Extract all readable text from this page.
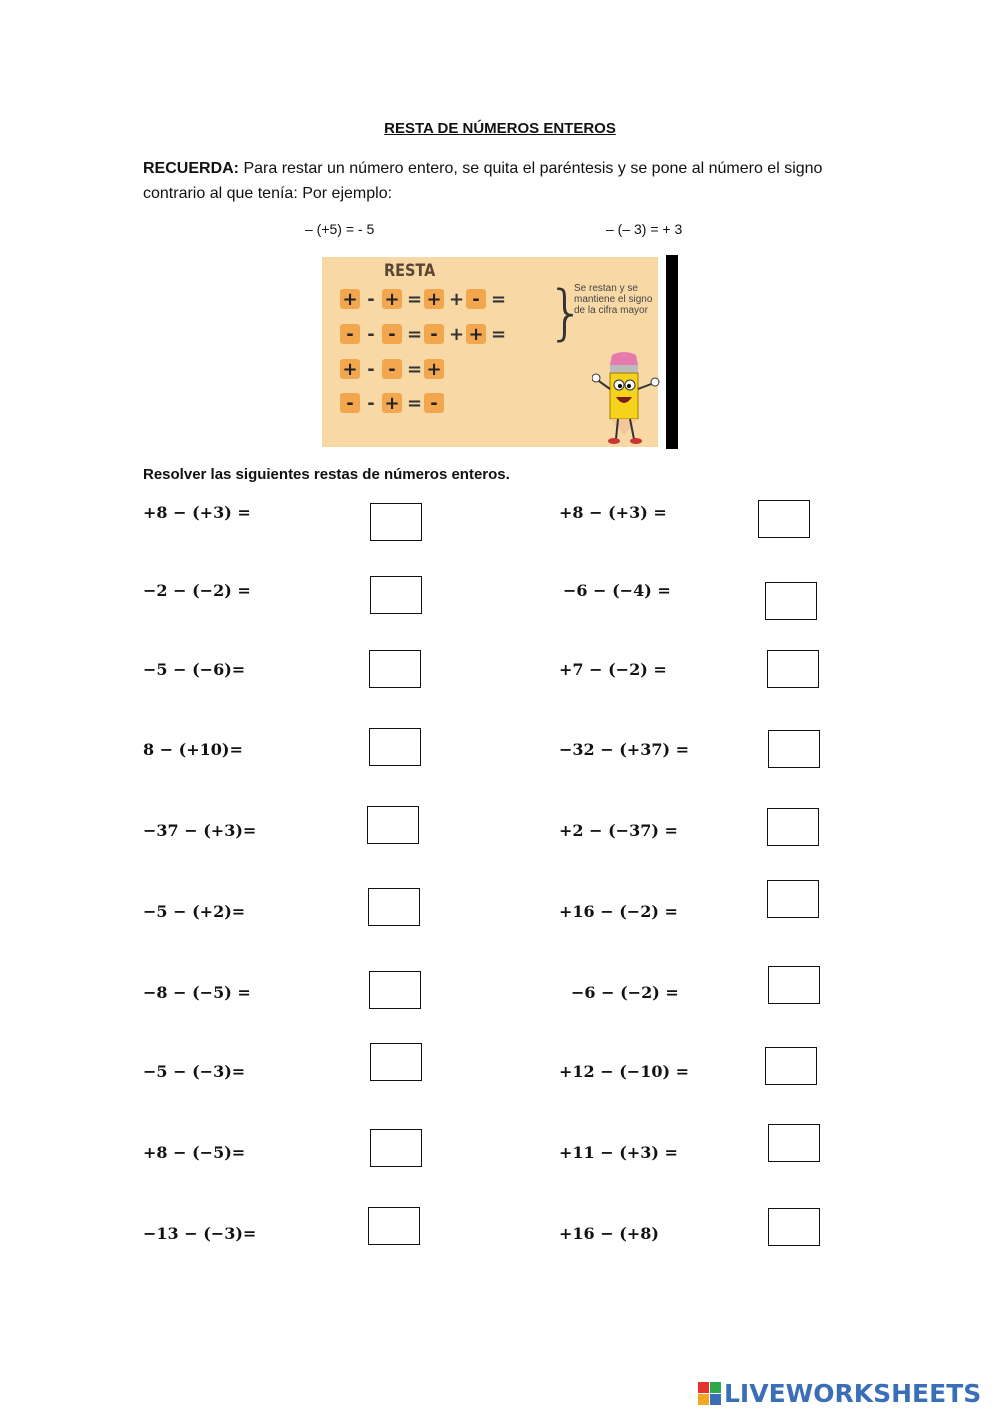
RESTA DE NÚMEROS ENTEROS
RECUERDA: Para restar un número entero, se quita el paréntesis y se pone al número el signo contrario al que tenía: Por ejemplo:
– (+5) = - 5	– (– 3) = + 3
RESTA
+ - + = + + - =
- - - = - + + =
+ - - = +
- - + = -
}
Se restan y se mantiene el signo de la cifra mayor
Resolver las siguientes restas de números enteros.
+𝟖 − (+𝟑) =
−𝟐 − (−𝟐) =
−𝟓 − (−𝟔)=
𝟖 − (+𝟏𝟎)=
−𝟑𝟕 − (+𝟑)=
−𝟓 − (+𝟐)=
−𝟖 − (−𝟓) =
−𝟓 − (−𝟑)=
+𝟖 − (−𝟓)=
−𝟏𝟑 − (−𝟑)=
+𝟖 − (+𝟑) =
−𝟔 − (−𝟒) =
+𝟕 − (−𝟐) =
−𝟑𝟐 − (+𝟑𝟕) =
+𝟐 − (−𝟑𝟕) =
+𝟏𝟔 − (−𝟐) =
−𝟔 − (−𝟐) =
+𝟏𝟐 − (−𝟏𝟎) =
+𝟏𝟏 − (+𝟑) =
+𝟏𝟔 − (+𝟖)
LIVEWORKSHEETS
